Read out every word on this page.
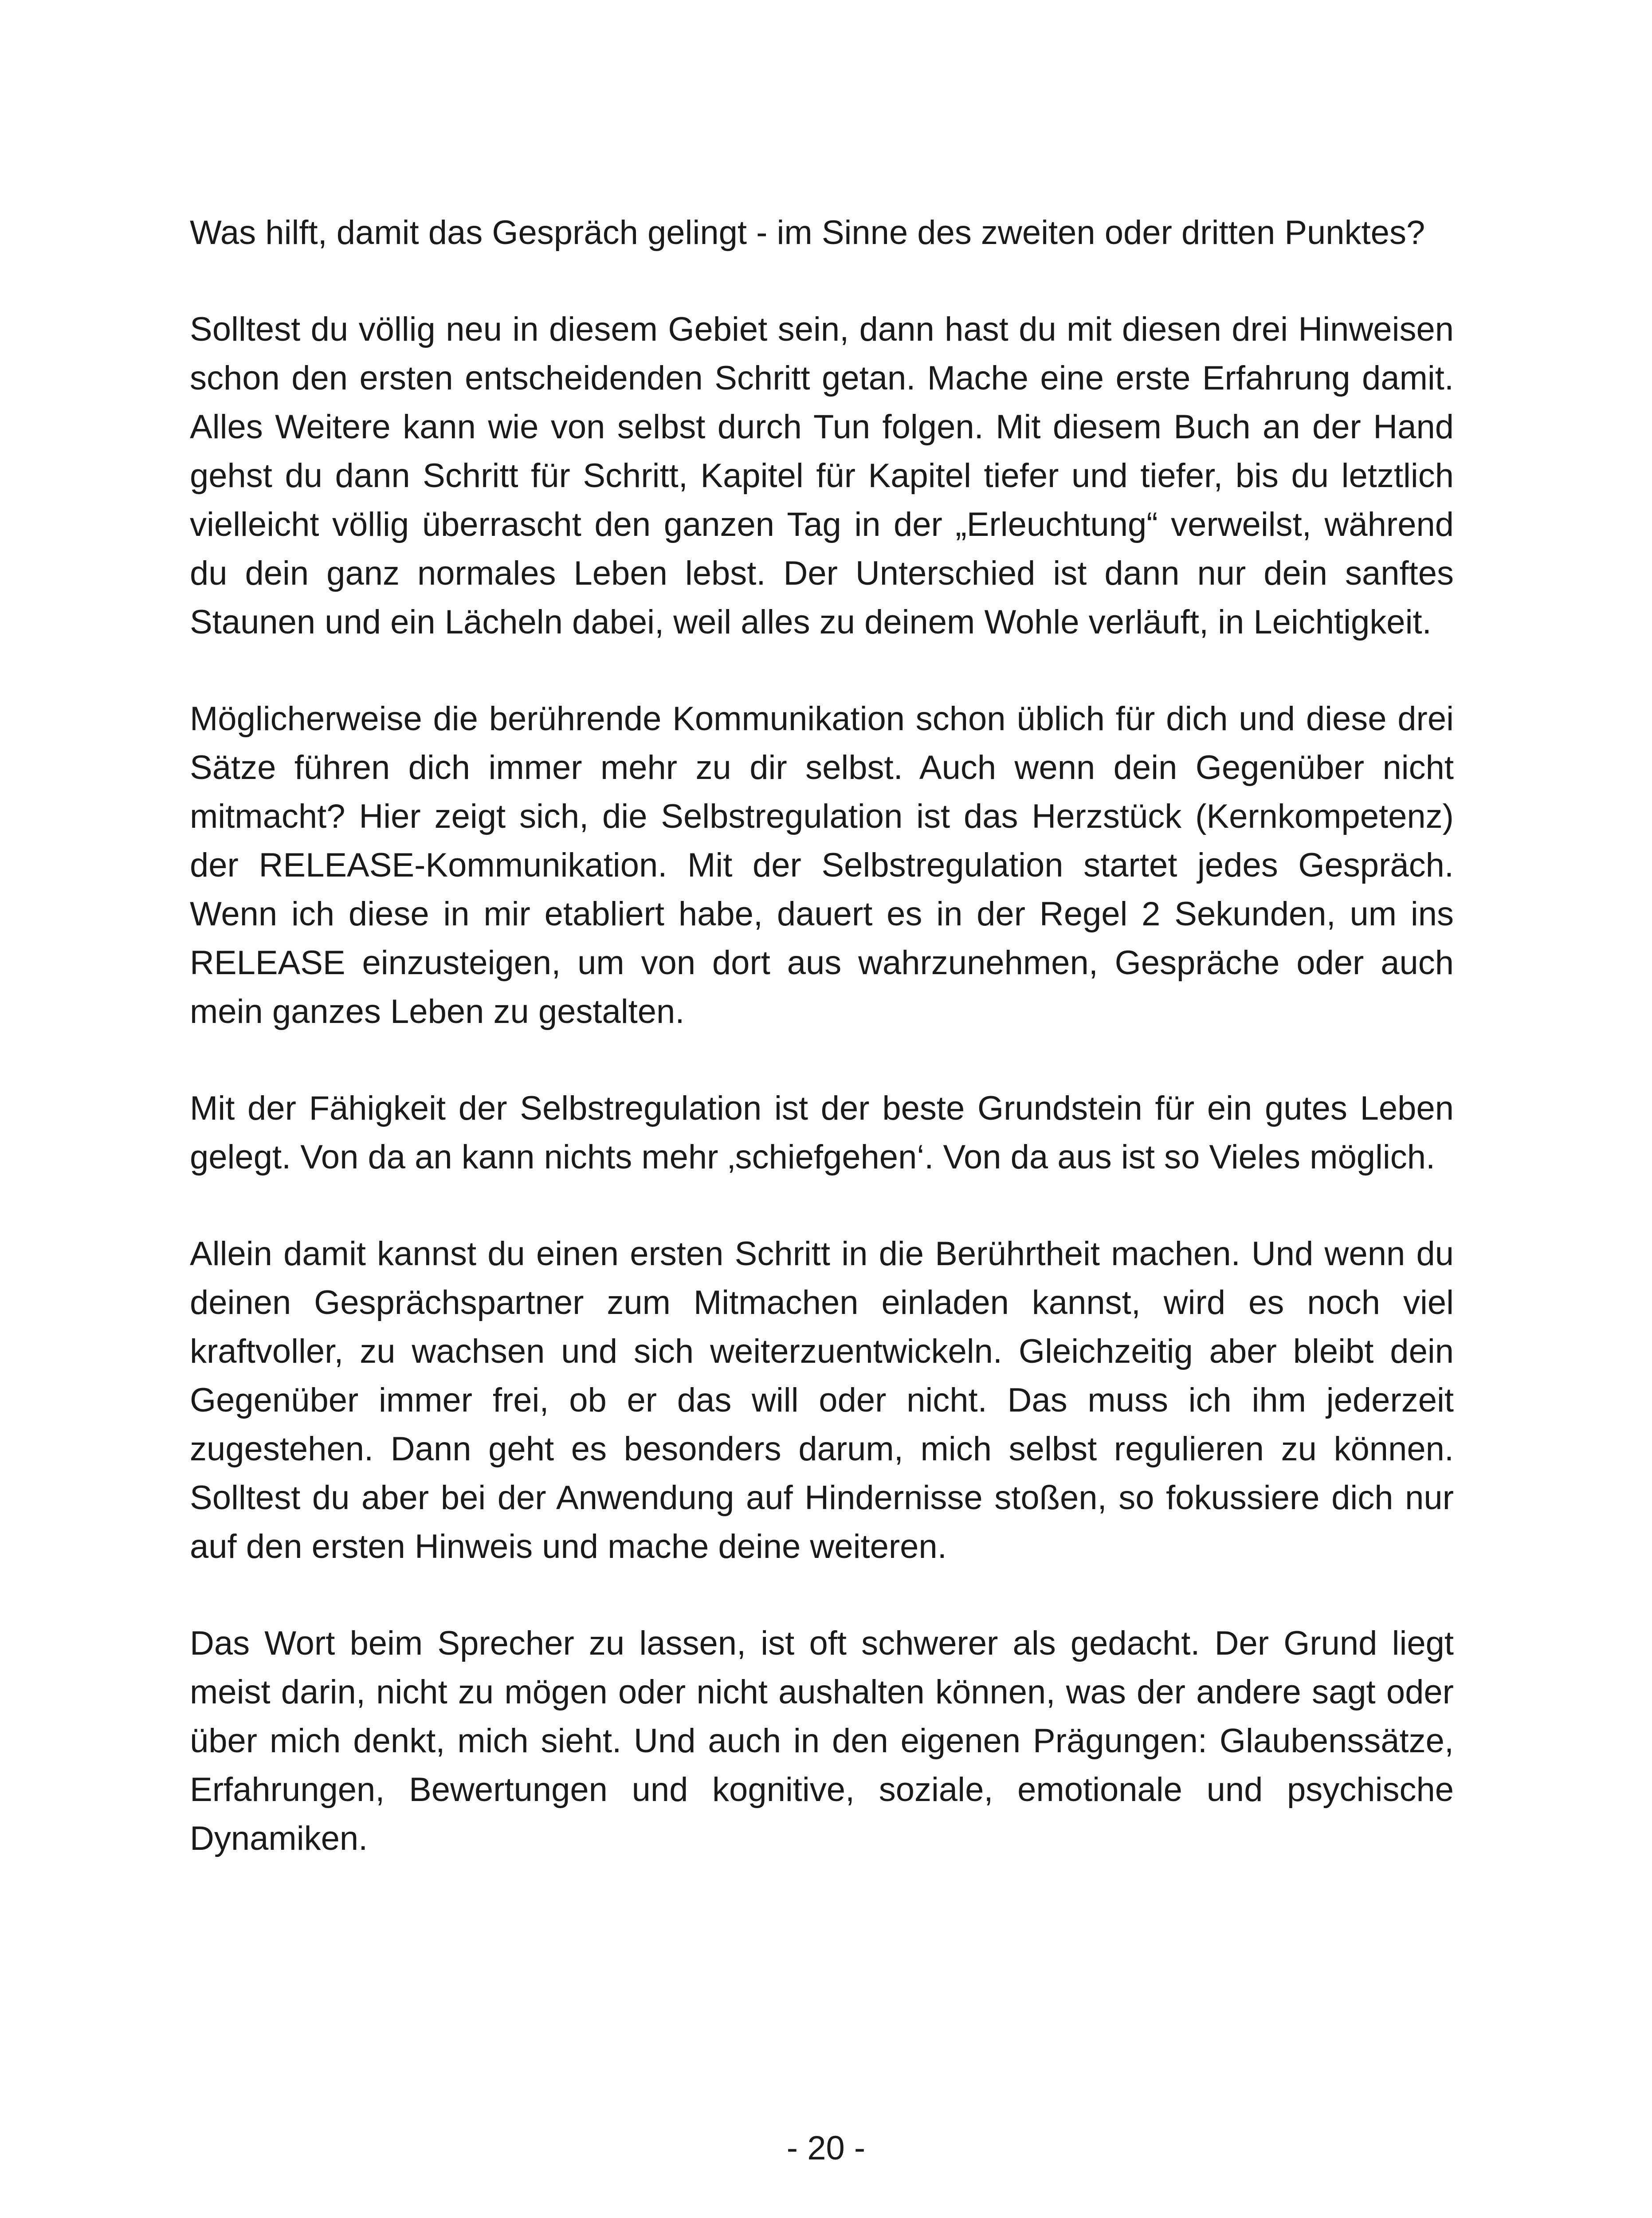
Was hilft, damit das Gespräch gelingt - im Sinne des zweiten oder dritten Punktes?

Solltest du völlig neu in diesem Gebiet sein, dann hast du mit diesen drei Hinweisen schon den ersten entscheidenden Schritt getan. Mache eine erste Erfahrung damit. Alles Weitere kann wie von selbst durch Tun folgen. Mit diesem Buch an der Hand gehst du dann Schritt für Schritt, Kapitel für Kapitel tiefer und tiefer, bis du letztlich vielleicht völlig überrascht den ganzen Tag in der „Erleuchtung“ verweilst, während du dein ganz normales Leben lebst. Der Unterschied ist dann nur dein sanftes Staunen und ein Lächeln dabei, weil alles zu deinem Wohle verläuft, in Leichtigkeit.

Möglicherweise die berührende Kommunikation schon üblich für dich und diese drei Sätze führen dich immer mehr zu dir selbst. Auch wenn dein Gegenüber nicht mitmacht? Hier zeigt sich, die Selbstregulation ist das Herzstück (Kernkompetenz) der RELEASE-Kommunikation. Mit der Selbstregulation startet jedes Gespräch. Wenn ich diese in mir etabliert habe, dauert es in der Regel 2 Sekunden, um ins RELEASE einzusteigen, um von dort aus wahrzunehmen, Gespräche oder auch mein ganzes Leben zu gestalten.

Mit der Fähigkeit der Selbstregulation ist der beste Grundstein für ein gutes Leben gelegt. Von da an kann nichts mehr ‚schiefgehen‘. Von da aus ist so Vieles möglich.

Allein damit kannst du einen ersten Schritt in die Berührtheit machen. Und wenn du deinen Gesprächspartner zum Mitmachen einladen kannst, wird es noch viel kraftvoller, zu wachsen und sich weiterzuentwickeln. Gleichzeitig aber bleibt dein Gegenüber immer frei, ob er das will oder nicht. Das muss ich ihm jederzeit zugestehen. Dann geht es besonders darum, mich selbst regulieren zu können. Solltest du aber bei der Anwendung auf Hindernisse stoßen, so fokussiere dich nur auf den ersten Hinweis und mache deine weiteren.

Das Wort beim Sprecher zu lassen, ist oft schwerer als gedacht. Der Grund liegt meist darin, nicht zu mögen oder nicht aushalten können, was der andere sagt oder über mich denkt, mich sieht. Und auch in den eigenen Prägungen: Glaubenssätze, Erfahrungen, Bewertungen und kognitive, soziale, emotionale und psychische Dynamiken.

- 20 -
